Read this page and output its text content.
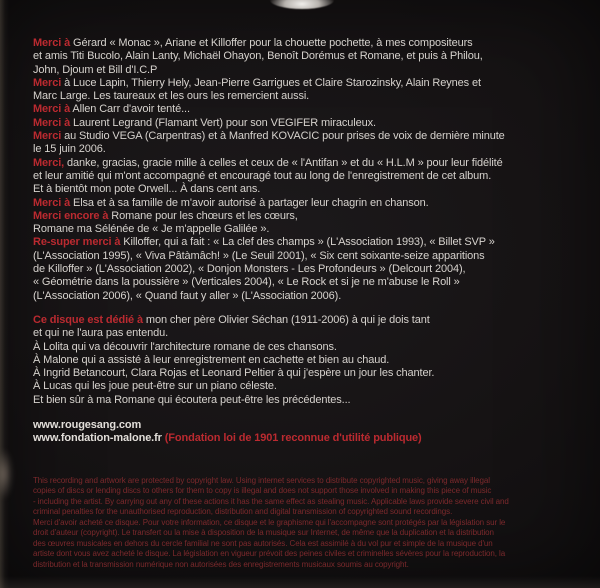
Merci à Gérard « Monac », Ariane et Killoffer pour la chouette pochette, à mes compositeurs
et amis Titi Bucolo, Alain Lanty, Michaël Ohayon, Benoît Dorémus et Romane, et puis à Philou,
John, Djoum et Bill d'I.C.P
Merci à Luce Lapin, Thierry Hely, Jean-Pierre Garrigues et Claire Starozinsky, Alain Reynes et
Marc Large. Les taureaux et les ours les remercient aussi.
Merci à Allen Carr d'avoir tenté...
Merci à Laurent Legrand (Flamant Vert) pour son VEGIFER miraculeux.
Merci au Studio VEGA (Carpentras) et à Manfred KOVACIC pour prises de voix de dernière minute
le 15 juin 2006.
Merci, danke, gracias, gracie mille à celles et ceux de « l'Antifan » et du « H.L.M » pour leur fidélité
et leur amitié qui m'ont accompagné et encouragé tout au long de l'enregistrement de cet album.
Et à bientôt mon pote Orwell... À dans cent ans.
Merci à Elsa et à sa famille de m'avoir autorisé à partager leur chagrin en chanson.
Merci encore à Romane pour les chœurs et les cœurs,
Romane ma Sélénée de « Je m'appelle Galilée ».
Re-super merci à Killoffer, qui a fait : « La clef des champs » (L'Association 1993), « Billet SVP »
(L'Association 1995), « Viva Pâtàmâch! » (Le Seuil 2001), « Six cent soixante-seize apparitions
de Killoffer » (L'Association 2002), « Donjon Monsters - Les Profondeurs » (Delcourt 2004),
« Géométrie dans la poussière » (Verticales 2004), « Le Rock et si je ne m'abuse le Roll »
(L'Association 2006), « Quand faut y aller » (L'Association 2006).
Ce disque est dédié à mon cher père Olivier Séchan (1911-2006) à qui je dois tant
et qui ne l'aura pas entendu.
À Lolita qui va découvrir l'architecture romane de ces chansons.
À Malone qui a assisté à leur enregistrement en cachette et bien au chaud.
À Ingrid Betancourt, Clara Rojas et Leonard Peltier à qui j'espère un jour les chanter.
À Lucas qui les joue peut-être sur un piano céleste.
Et bien sûr à ma Romane qui écoutera peut-être les précédentes...
www.rougesang.com
www.fondation-malone.fr (Fondation loi de 1901 reconnue d'utilité publique)
This recording and artwork are protected by copyright law. Using internet services to distribute copyrighted music, giving away illegal
copies of discs or lending discs to others for them to copy is illegal and does not support those involved in making this piece of music
- including the artist. By carrying out any of these actions it has the same effect as stealing music. Applicable laws provide severe civil and
criminal penalties for the unauthorised reproduction, distribution and digital transmission of copyrighted sound recordings.
Merci d'avoir acheté ce disque. Pour votre information, ce disque et le graphisme qui l'accompagne sont protégés par la législation sur le
droit d'auteur (copyright). Le transfert ou la mise à disposition de la musique sur Internet, de même que la duplication et la distribution
des œuvres musicales en dehors du cercle familial ne sont pas autorisés. Cela est assimilé à du vol pur et simple de la musique d'un
artiste dont vous avez acheté le disque. La législation en vigueur prévoit des peines civiles et criminelles sévères pour la reproduction, la
distribution et la transmission numérique non autorisées des enregistrements musicaux soumis au copyright.
